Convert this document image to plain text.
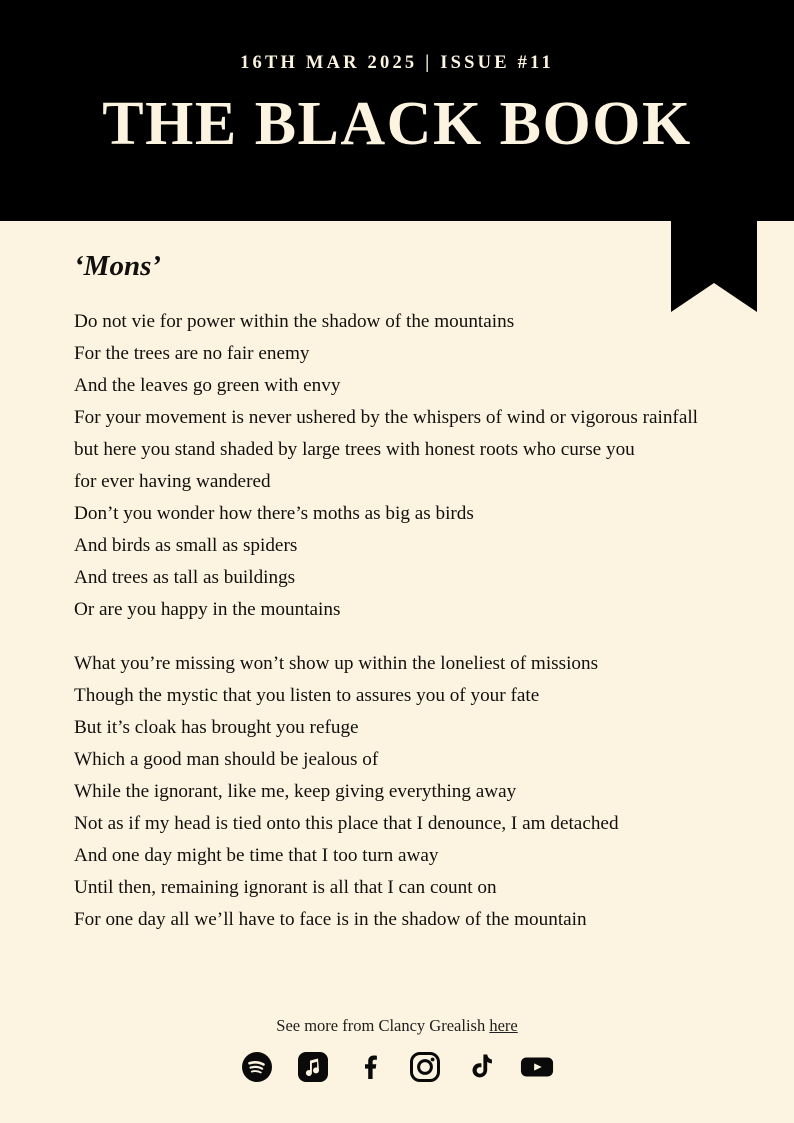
16TH MAR 2025 | ISSUE #11

THE BLACK BOOK
‘Mons’

Do not vie for power within the shadow of the mountains

For the trees are no fair enemy

And the leaves go green with envy

For your movement is never ushered by the whispers of wind or vigorous rainfall

but here you stand shaded by large trees with honest roots who curse you

for ever having wandered

Don’t you wonder how there’s moths as big as birds

And birds as small as spiders

And trees as tall as buildings

Or are you happy in the mountains

What you’re missing won’t show up within the loneliest of missions

Though the mystic that you listen to assures you of your fate

But it’s cloak has brought you refuge

Which a good man should be jealous of

While the ignorant, like me, keep giving everything away

Not as if my head is tied onto this place that I denounce, I am detached

And one day might be time that I too turn away

Until then, remaining ignorant is all that I can count on

For one day all we’ll have to face is in the shadow of the mountain

See more from Clancy Grealish here
